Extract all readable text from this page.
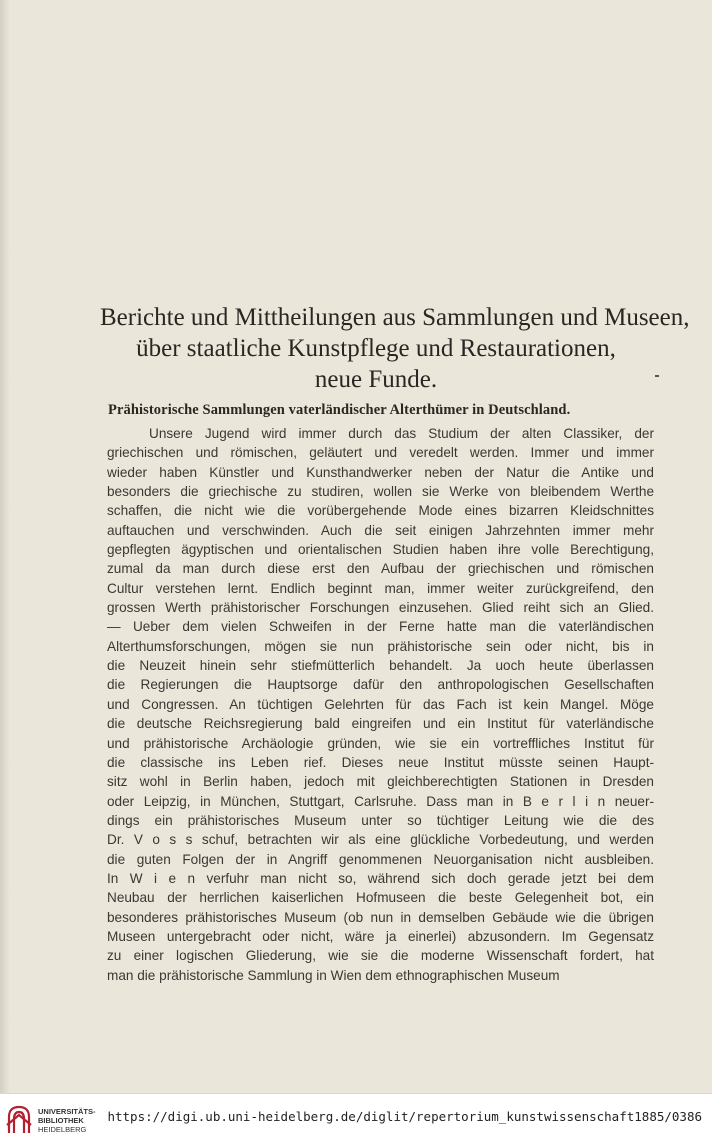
Berichte und Mittheilungen aus Sammlungen und Museen,
über staatliche Kunstpflege und Restaurationen,
neue Funde.
Prähistorische Sammlungen vaterländischer Alterthümer in Deutschland.
Unsere Jugend wird immer durch das Studium der alten Classiker, der
griechischen und römischen, geläutert und veredelt werden. Immer und immer
wieder haben Künstler und Kunsthandwerker neben der Natur die Antike und
besonders die griechische zu studiren, wollen sie Werke von bleibendem Werthe
schaffen, die nicht wie die vorübergehende Mode eines bizarren Kleidschnittes
auftauchen und verschwinden. Auch die seit einigen Jahrzehnten immer mehr
gepflegten ägyptischen und orientalischen Studien haben ihre volle Berechtigung,
zumal da man durch diese erst den Aufbau der griechischen und römischen
Cultur verstehen lernt. Endlich beginnt man, immer weiter zurückgreifend, den
grossen Werth prähistorischer Forschungen einzusehen. Glied reiht sich an Glied.
— Ueber dem vielen Schweifen in der Ferne hatte man die vaterländischen
Alterthumsforschungen, mögen sie nun prähistorische sein oder nicht, bis in
die Neuzeit hinein sehr stiefmütterlich behandelt. Ja uoch heute überlassen
die Regierungen die Hauptsorge dafür den anthropologischen Gesellschaften
und Congressen. An tüchtigen Gelehrten für das Fach ist kein Mangel. Möge
die deutsche Reichsregierung bald eingreifen und ein Institut für vaterländische
und prähistorische Archäologie gründen, wie sie ein vortreffliches Institut für
die classische ins Leben rief. Dieses neue Institut müsste seinen Haupt-
sitz wohl in Berlin haben, jedoch mit gleichberechtigten Stationen in Dresden
oder Leipzig, in München, Stuttgart, Carlsruhe. Dass man in B e r l i n neuer-
dings ein prähistorisches Museum unter so tüchtiger Leitung wie die des
Dr. V o s s schuf, betrachten wir als eine glückliche Vorbedeutung, und werden
die guten Folgen der in Angriff genommenen Neuorganisation nicht ausbleiben.
In W i e n verfuhr man nicht so, während sich doch gerade jetzt bei dem
Neubau der herrlichen kaiserlichen Hofmuseen die beste Gelegenheit bot, ein
besonderes prähistorisches Museum (ob nun in demselben Gebäude wie die übrigen
Museen untergebracht oder nicht, wäre ja einerlei) abzusondern. Im Gegensatz
zu einer logischen Gliederung, wie sie die moderne Wissenschaft fordert, hat
man die prähistorische Sammlung in Wien dem ethnographischen Museum
UNIVERSITÄTS-
BIBLIOTHEK
HEIDELBERG
https://digi.ub.uni-heidelberg.de/diglit/repertorium_kunstwissenschaft1885/0386
